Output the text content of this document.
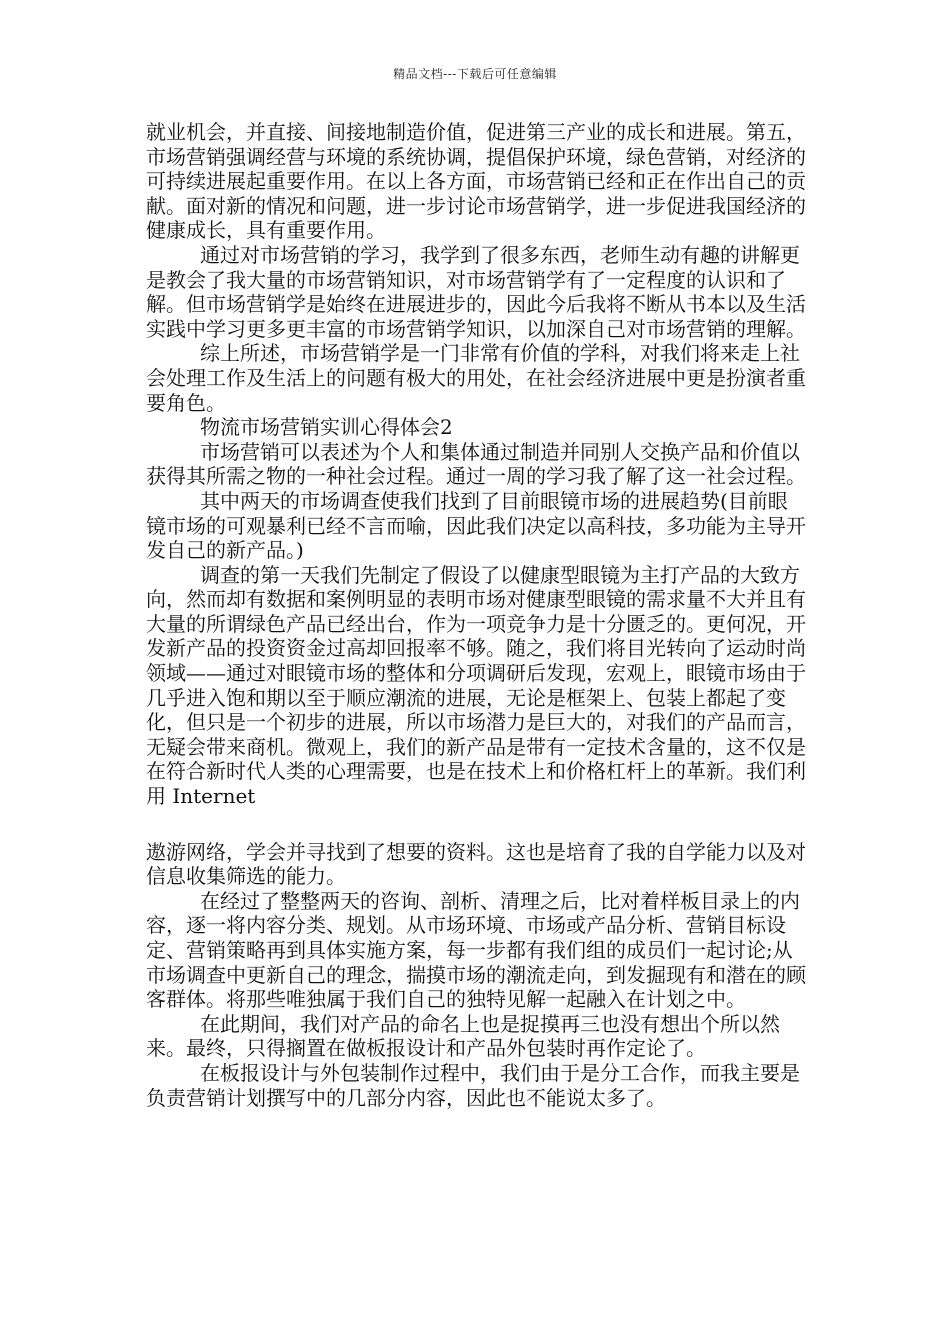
精品文档---下载后可任意编辑

就业机会，并直接、间接地制造价值，促进第三产业的成长和进展。第五，市场营销强调经营与环境的系统协调，提倡保护环境，绿色营销，对经济的可持续进展起重要作用。在以上各方面，市场营销已经和正在作出自己的贡献。面对新的情况和问题，进一步讨论市场营销学，进一步促进我国经济的健康成长，具有重要作用。

通过对市场营销的学习，我学到了很多东西，老师生动有趣的讲解更是教会了我大量的市场营销知识，对市场营销学有了一定程度的认识和了解。但市场营销学是始终在进展进步的，因此今后我将不断从书本以及生活实践中学习更多更丰富的市场营销学知识，以加深自己对市场营销的理解。

综上所述，市场营销学是一门非常有价值的学科，对我们将来走上社会处理工作及生活上的问题有极大的用处，在社会经济进展中更是扮演者重要角色。

物流市场营销实训心得体会2

市场营销可以表述为个人和集体通过制造并同别人交换产品和价值以获得其所需之物的一种社会过程。通过一周的学习我了解了这一社会过程。

其中两天的市场调查使我们找到了目前眼镜市场的进展趋势(目前眼镜市场的可观暴利已经不言而喻，因此我们决定以高科技，多功能为主导开发自己的新产品。)

调查的第一天我们先制定了假设了以健康型眼镜为主打产品的大致方向，然而却有数据和案例明显的表明市场对健康型眼镜的需求量不大并且有大量的所谓绿色产品已经出台，作为一项竞争力是十分匮乏的。更何况，开发新产品的投资资金过高却回报率不够。随之，我们将目光转向了运动时尚领域——通过对眼镜市场的整体和分项调研后发现，宏观上，眼镜市场由于几乎进入饱和期以至于顺应潮流的进展，无论是框架上、包装上都起了变化，但只是一个初步的进展，所以市场潜力是巨大的，对我们的产品而言，无疑会带来商机。微观上，我们的新产品是带有一定技术含量的，这不仅是在符合新时代人类的心理需要，也是在技术上和价格杠杆上的革新。我们利用 Internet

遨游网络，学会并寻找到了想要的资料。这也是培育了我的自学能力以及对信息收集筛选的能力。

在经过了整整两天的咨询、剖析、清理之后，比对着样板目录上的内容，逐一将内容分类、规划。从市场环境、市场或产品分析、营销目标设定、营销策略再到具体实施方案，每一步都有我们组的成员们一起讨论;从市场调查中更新自己的理念，揣摸市场的潮流走向，到发掘现有和潜在的顾客群体。将那些唯独属于我们自己的独特见解一起融入在计划之中。

在此期间，我们对产品的命名上也是捉摸再三也没有想出个所以然来。最终，只得搁置在做板报设计和产品外包装时再作定论了。

在板报设计与外包装制作过程中，我们由于是分工合作，而我主要是负责营销计划撰写中的几部分内容，因此也不能说太多了。
